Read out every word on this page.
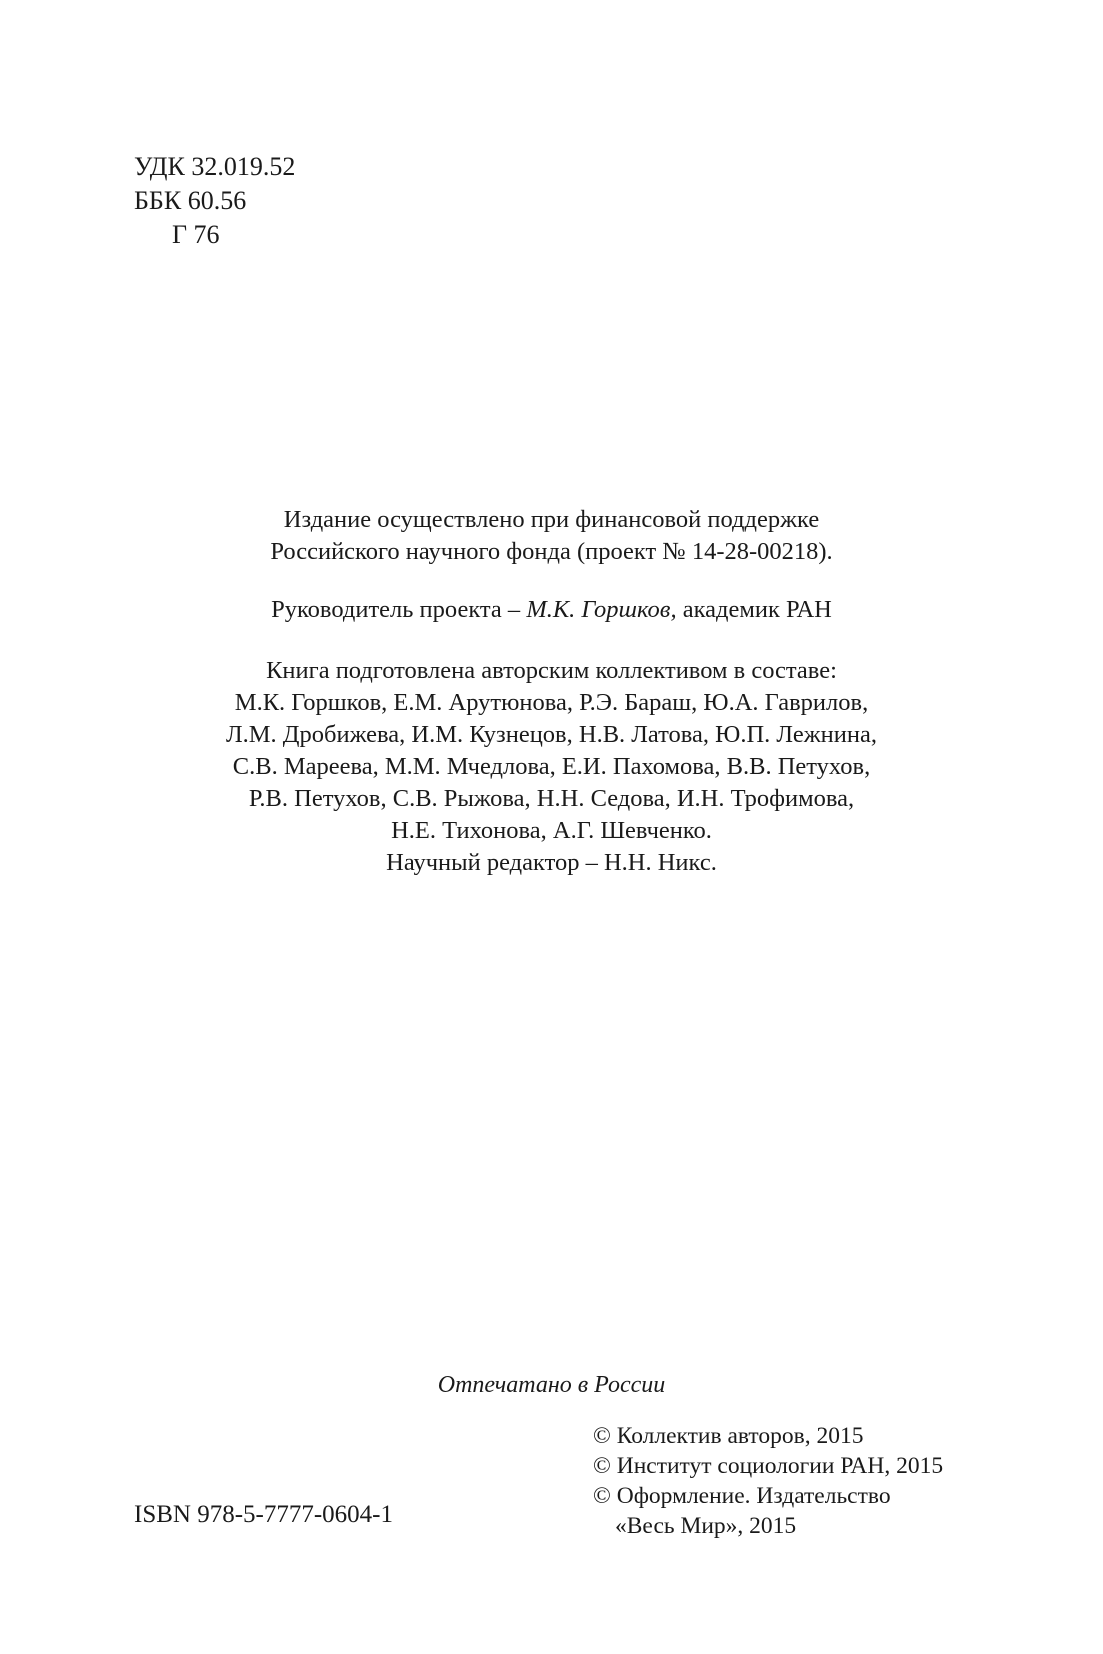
УДК 32.019.52
ББК 60.56
Г 76
Издание осуществлено при финансовой поддержке
Российского научного фонда (проект № 14-28-00218).
Руководитель проекта – М.К. Горшков, академик РАН
Книга подготовлена авторским коллективом в составе:
М.К. Горшков, Е.М. Арутюнова, Р.Э. Бараш, Ю.А. Гаврилов,
Л.М. Дробижева, И.М. Кузнецов, Н.В. Латова, Ю.П. Лежнина,
С.В. Мареева, М.М. Мчедлова, Е.И. Пахомова, В.В. Петухов,
Р.В. Петухов, С.В. Рыжова, Н.Н. Седова, И.Н. Трофимова,
Н.Е. Тихонова, А.Г. Шевченко.
Научный редактор – Н.Н. Никс.
Отпечатано в России
© Коллектив авторов, 2015
© Институт социологии РАН, 2015
© Оформление. Издательство
«Весь Мир», 2015
ISBN 978-5-7777-0604-1
